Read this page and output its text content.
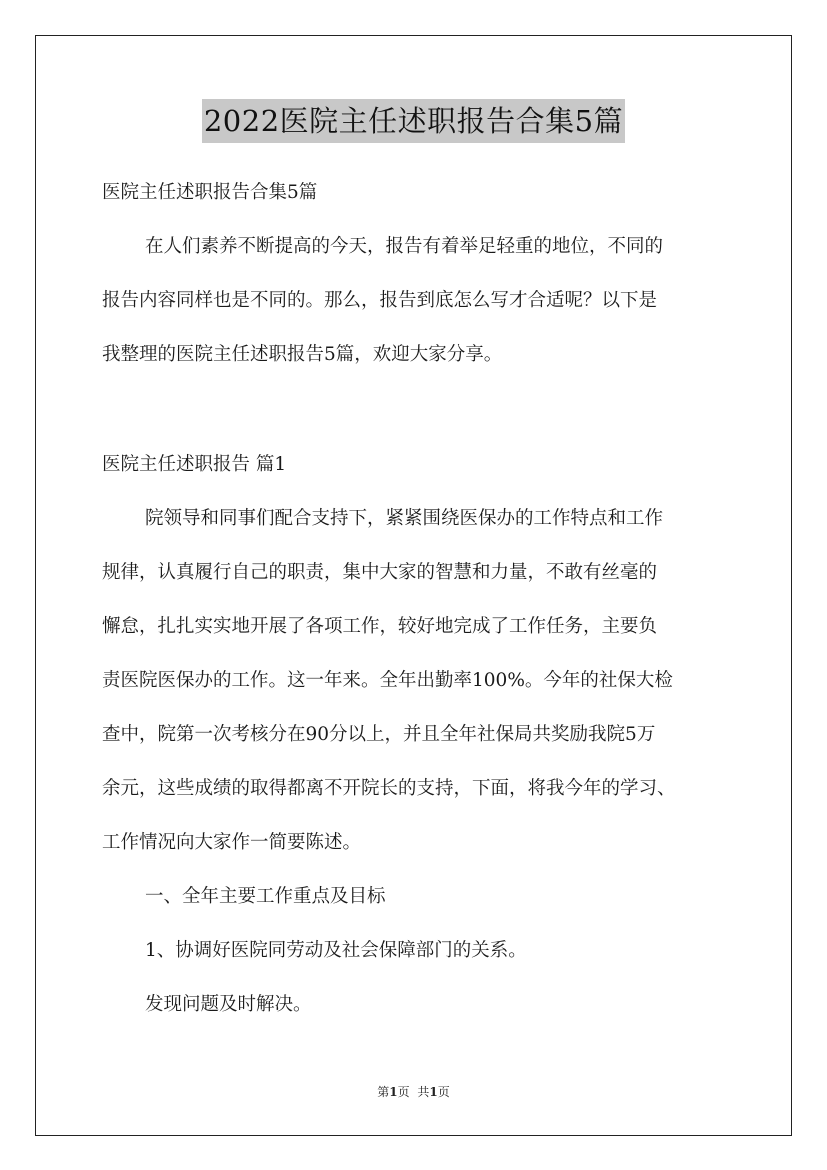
2022医院主任述职报告合集5篇
医院主任述职报告合集5篇
在人们素养不断提高的今天，报告有着举足轻重的地位，不同的
报告内容同样也是不同的。那么，报告到底怎么写才合适呢？以下是
我整理的医院主任述职报告5篇，欢迎大家分享。
医院主任述职报告 篇1
院领导和同事们配合支持下，紧紧围绕医保办的工作特点和工作
规律，认真履行自己的职责，集中大家的智慧和力量，不敢有丝毫的
懈怠，扎扎实实地开展了各项工作，较好地完成了工作任务，主要负
责医院医保办的工作。这一年来。全年出勤率100%。今年的社保大检
查中，院第一次考核分在90分以上，并且全年社保局共奖励我院5万
余元，这些成绩的取得都离不开院长的支持，下面，将我今年的学习、
工作情况向大家作一简要陈述。
一、全年主要工作重点及目标
1、协调好医院同劳动及社会保障部门的关系。
发现问题及时解决。
第1页 共1页
